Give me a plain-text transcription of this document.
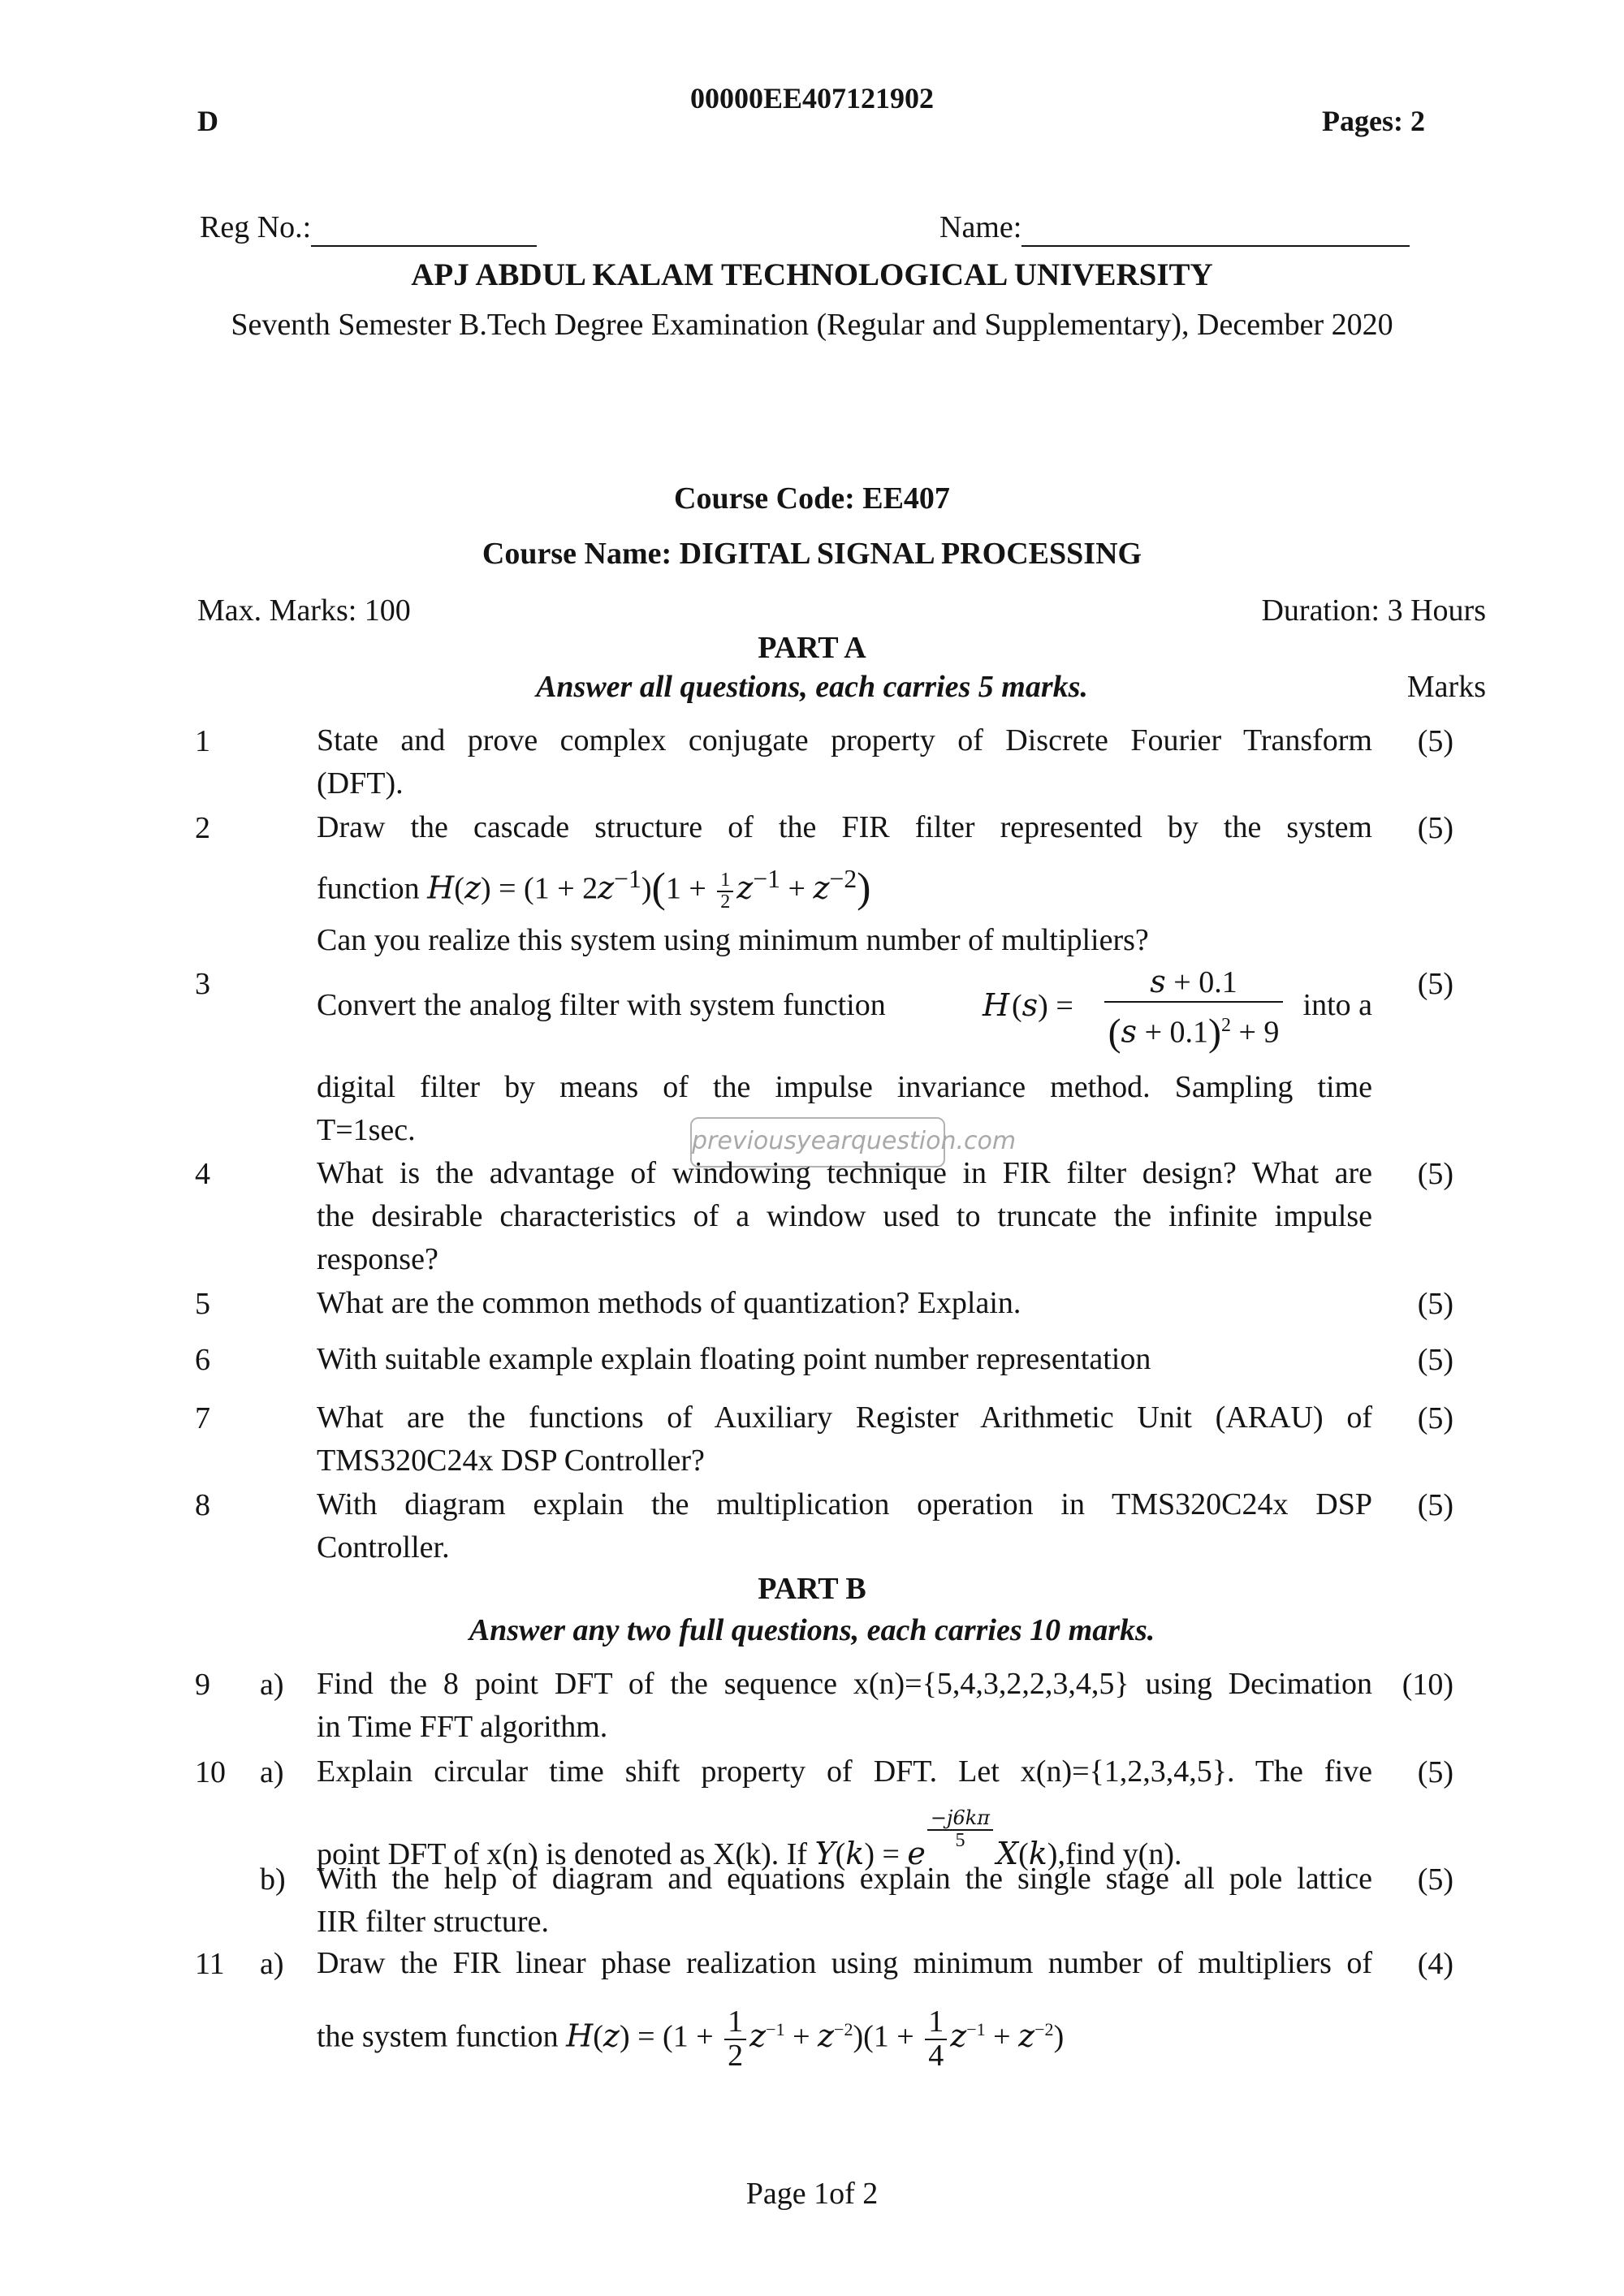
D
00000EE407121902
Pages: 2
Reg No.:	Name:
APJ ABDUL KALAM TECHNOLOGICAL UNIVERSITY
Seventh Semester B.Tech Degree Examination (Regular and Supplementary), December 2020
Course Code: EE407
Course Name: DIGITAL SIGNAL PROCESSING
Max. Marks: 100	Duration: 3 Hours
PART A
Answer all questions, each carries 5 marks.	Marks
1	State and prove complex conjugate property of Discrete Fourier Transform
(DFT).
(5)
2	Draw the cascade structure of the FIR filter represented by the system
function $H(z) = (1 + 2z^{-1})(1 + \frac{1}{2} z^{-1} + z^{-2})$
Can you realize this system using minimum number of multipliers?
(5)
3
Convert the analog filter with system function	H (s) =
s + 0.1
$(s + 0.1)^2 + 9$
into a
(5)
digital filter by means of the impulse invariance method. Sampling time
T=1sec.	previousyearquestion.com
4	What is the advantage of windowing technique in FIR filter design? What are
the desirable characteristics of a window used to truncate the infinite impulse
response?
(5)
5	What are the common methods of quantization? Explain.	(5)
6	With suitable example explain floating point number representation	(5)
7	What are the functions of Auxiliary Register Arithmetic Unit (ARAU) of
TMS320C24x DSP Controller?
(5)
8	With diagram explain the multiplication operation in TMS320C24x DSP
Controller.
(5)
PART B
Answer any two full questions, each carries 10 marks.
9 a) Find the 8 point DFT of the sequence x(n)={5,4,3,2,2,3,4,5} using Decimation
in Time FFT algorithm.
(10)
10 a) Explain circular time shift property of DFT. Let x(n)={1,2,3,4,5}. The five
point DFT of x(n) is denoted as X(k). If Y(k) = e
$\frac{-j6k\pi}{5}$
X(k),find y(n).
(5)
b) With the help of diagram and equations explain the single stage all pole lattice
IIR filter structure.
(5)
11 a) Draw the FIR linear phase realization using minimum number of multipliers of
the system function $H(z) = (1 + \frac{1}{2} z^{-1} + z^{-2})(1 + \frac{1}{4} z^{-1} + z^{-2})$
(4)
Page 1of 2
